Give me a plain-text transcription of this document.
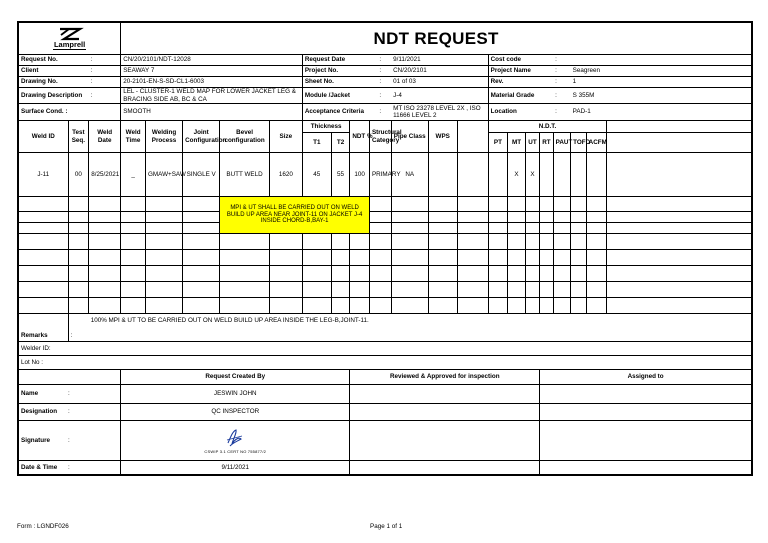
Lamprell			NDT REQUEST																			
Request No.		:	CN/20/2101/NDT-12028					Request Date			:	9/11/2021			Cost code				:			
Client		:	SEAWAY 7					Project No.			:	CN/20/2101			Project Name				:	Seagreen		
Drawing No.		:	20-2101-EN-S-SD-CL1-6003					Sheet No.			:	01 of 03			Rev.				:	1		
Drawing Description		:	LEL - CLUSTER-1 WELD MAP FOR LOWER JACKET LEG & BRACING SIDE AB, BC & CA					Module /Jacket			:	J-4			Material Grade				:	S 355M		
Surface Cond. :			SMOOTH					Acceptance Criteria			:	MT ISO 23278 LEVEL 2X , ISO 11666 LEVEL 2			Location				:	PAD-1		
Weld ID	Test Seq.	Weld Date	Weld Time	Welding Process	Joint Configuration	Bevel configuration	Size	Thickness		NDT %	Structural Category	Pipe Class	WPS		N.D.T.							
								T1	T2						PT	MT	UT	RT	PAUT	TOFD	ACFM	
J-11	00	8/25/2021	_	GMAW+SAW	SINGLE V	BUTT WELD	1620	45	55	100	PRIMARY	NA				X	X					
						MPI & UT SHALL BE CARRIED OUT ON WELD BUILD UP AREA NEAR JOINT-11 ON JACKET J-4 INSIDE CHORD-B,BAY-1																

Remarks	:	100% MPI & UT TO BE CARRIED OUT ON WELD BUILD UP AREA INSIDE THE LEG-B,JOINT-11.																				
Welder ID:																						
Lot No :																						
			Request Created By							Reviewed & Approved for inspection								Assigned to				
Name	:		JESWIN JOHN																			
Designation	:		QC INSPECTOR																			
Signature	:		CSWIP 3.1 CERT NO 755877/2																			

Date & Time	:		9/11/2021																			
Form : LGNDF026	Page 1 of 1
